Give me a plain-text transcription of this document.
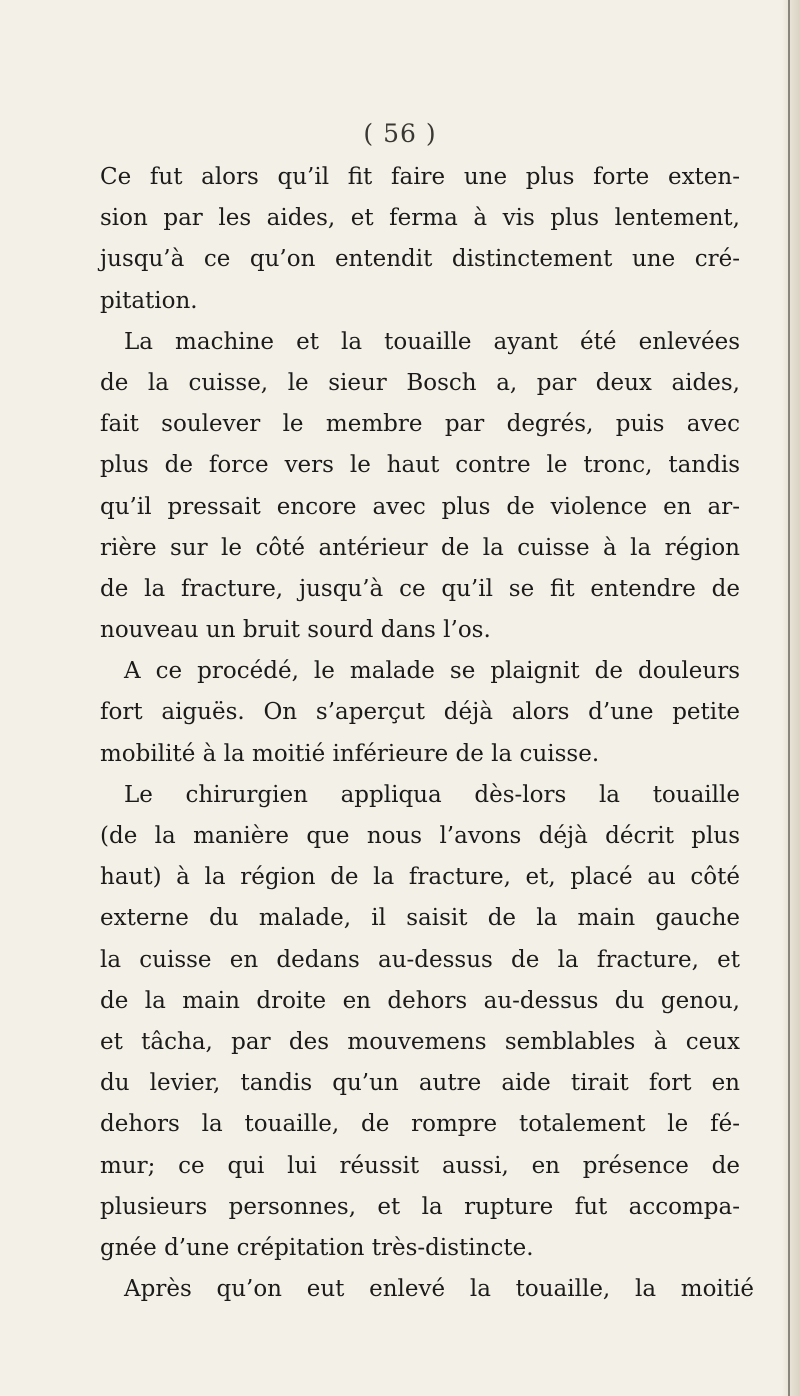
( 56 )
Ce fut alors qu’il fit faire une plus forte exten-
sion par les aides, et ferma à vis plus lentement,
jusqu’à ce qu’on entendit distinctement une cré-
pitation.
La machine et la touaille ayant été enlevées
de la cuisse, le sieur Bosch a, par deux aides,
fait soulever le membre par degrés, puis avec
plus de force vers le haut contre le tronc, tandis
qu’il pressait encore avec plus de violence en ar-
rière sur le côté antérieur de la cuisse à la région
de la fracture, jusqu’à ce qu’il se fit entendre de
nouveau un bruit sourd dans l’os.
A ce procédé, le malade se plaignit de douleurs
fort aiguës. On s’aperçut déjà alors d’une petite
mobilité à la moitié inférieure de la cuisse.
Le chirurgien appliqua dès-lors la touaille
(de la manière que nous l’avons déjà décrit plus
haut) à la région de la fracture, et, placé au côté
externe du malade, il saisit de la main gauche
la cuisse en dedans au-dessus de la fracture, et
de la main droite en dehors au-dessus du genou,
et tâcha, par des mouvemens semblables à ceux
du levier, tandis qu’un autre aide tirait fort en
dehors la touaille, de rompre totalement le fé-
mur; ce qui lui réussit aussi, en présence de
plusieurs personnes, et la rupture fut accompa-
gnée d’une crépitation très-distincte.
Après qu’on eut enlevé la touaille, la moitié
